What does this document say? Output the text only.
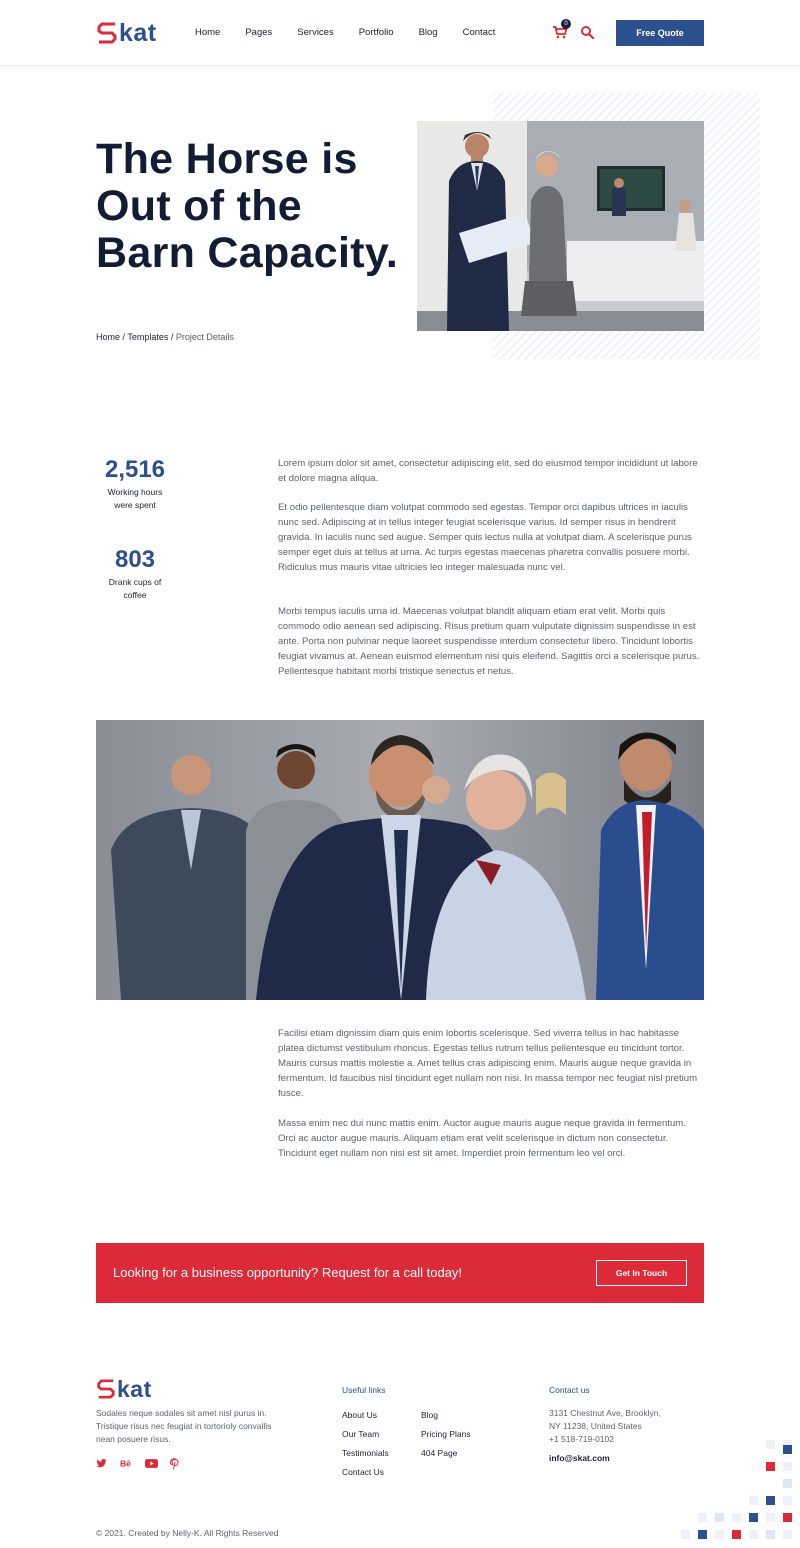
kat	Home	Pages	Services	Portfolio	Blog	Contact
0
Free Quote
The Horse is Out of the Barn Capacity.
Home / Templates / Project Details
2,516
Working hours were spent
803
Drank cups of coffee

Lorem ipsum dolor sit amet, consectetur adipiscing elit, sed do eiusmod tempor incididunt ut labore et dolore magna aliqua.

Et odio pellentesque diam volutpat commodo sed egestas. Tempor orci dapibus ultrices in iaculis nunc sed. Adipiscing at in tellus integer feugiat scelerisque varius. Id semper risus in hendrerit gravida. In iaculis nunc sed augue. Semper quis lectus nulla at volutpat diam. A scelerisque purus semper eget duis at tellus at urna. Ac turpis egestas maecenas pharetra convallis posuere morbi. Ridiculus mus mauris vitae ultricies leo integer malesuada nunc vel.

Morbi tempus iaculis urna id. Maecenas volutpat blandit aliquam etiam erat velit. Morbi quis commodo odio aenean sed adipiscing. Risus pretium quam vulputate dignissim suspendisse in est ante. Porta non pulvinar neque laoreet suspendisse interdum consectetur libero. Tincidunt lobortis feugiat vivamus at. Aenean euismod elementum nisi quis eleifend. Sagittis orci a scelerisque purus. Pellentesque habitant morbi tristique senectus et netus.

Facilisi etiam dignissim diam quis enim lobortis scelerisque. Sed viverra tellus in hac habitasse platea dictumst vestibulum rhoncus. Egestas tellus rutrum tellus pellentesque eu tincidunt tortor. Mauris cursus mattis molestie a. Amet tellus cras adipiscing enim. Mauris augue neque gravida in fermentum. Id faucibus nisl tincidunt eget nullam non nisi. In massa tempor nec feugiat nisl pretium fusce.

Massa enim nec dui nunc mattis enim. Auctor augue mauris augue neque gravida in fermentum. Orci ac auctor augue mauris. Aliquam etiam erat velit scelerisque in dictum non consectetur. Tincidunt eget nullam non nisi est sit amet. Imperdiet proin fermentum leo vel orci.

Looking for a business opportunity? Request for a call today!	Get In Touch
kat

Sodales neque sodales sit amet nisl purus in. Tristique risus nec feugiat in tortorioly convallis nean posuere risus.

Bē
Useful links
About Us
Our Team
Testimonials
Contact Us
Blog
Pricing Plans
404 Page
Contact us
3131 Chestnut Ave, Brooklyn, NY 11238, United States
+1 518-719-0102
info@skat.com
© 2021. Created by Nelly-K. All Rights Reserved
